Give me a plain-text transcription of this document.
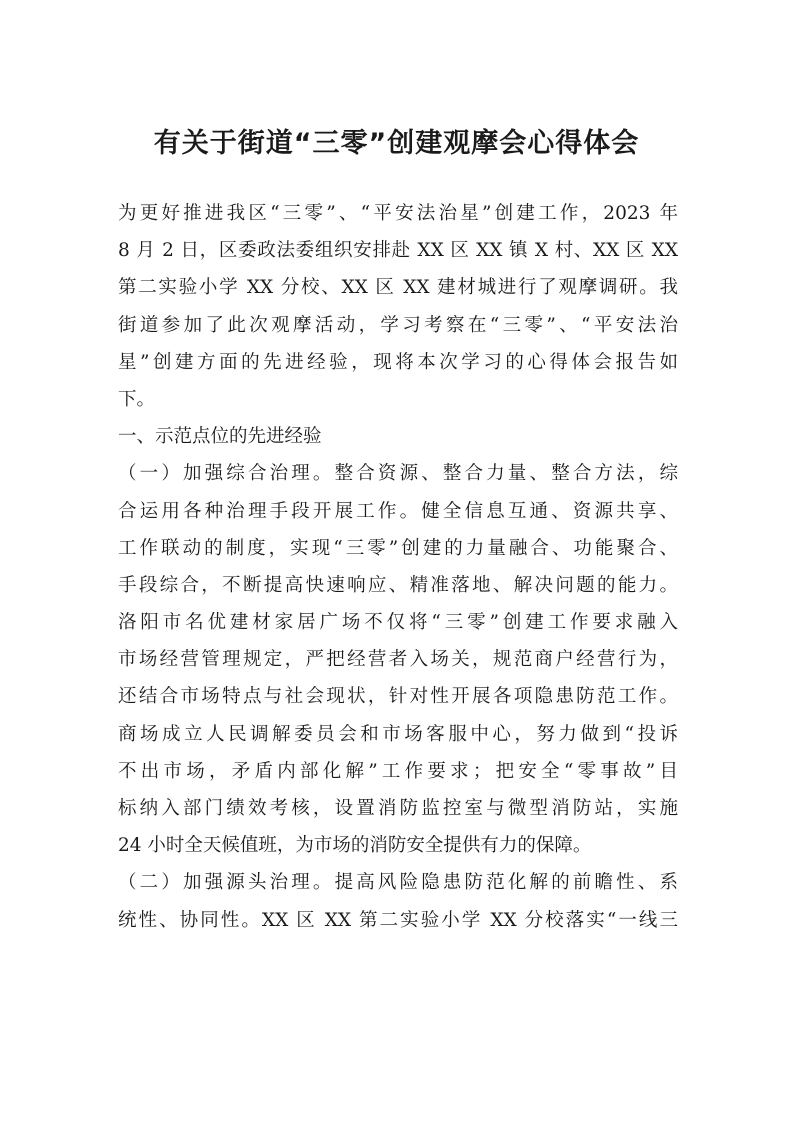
有关于街道“三零”创建观摩会心得体会
为更好推进我区“三零”、“平安法治星”创建工作，2023 年
8 月 2 日，区委政法委组织安排赴 XX 区 XX 镇 X 村、XX 区 XX
第二实验小学 XX 分校、XX 区 XX 建材城进行了观摩调研。我
街道参加了此次观摩活动，学习考察在“三零”、“平安法治
星”创建方面的先进经验，现将本次学习的心得体会报告如
下。
一、示范点位的先进经验
（一）加强综合治理。整合资源、整合力量、整合方法，综
合运用各种治理手段开展工作。健全信息互通、资源共享、
工作联动的制度，实现“三零”创建的力量融合、功能聚合、
手段综合，不断提高快速响应、精准落地、解决问题的能力。
洛阳市名优建材家居广场不仅将“三零”创建工作要求融入
市场经营管理规定，严把经营者入场关，规范商户经营行为，
还结合市场特点与社会现状，针对性开展各项隐患防范工作。
商场成立人民调解委员会和市场客服中心，努力做到“投诉
不出市场，矛盾内部化解”工作要求；把安全“零事故”目
标纳入部门绩效考核，设置消防监控室与微型消防站，实施
24 小时全天候值班，为市场的消防安全提供有力的保障。
（二）加强源头治理。提高风险隐患防范化解的前瞻性、系
统性、协同性。XX 区 XX 第二实验小学 XX 分校落实“一线三
